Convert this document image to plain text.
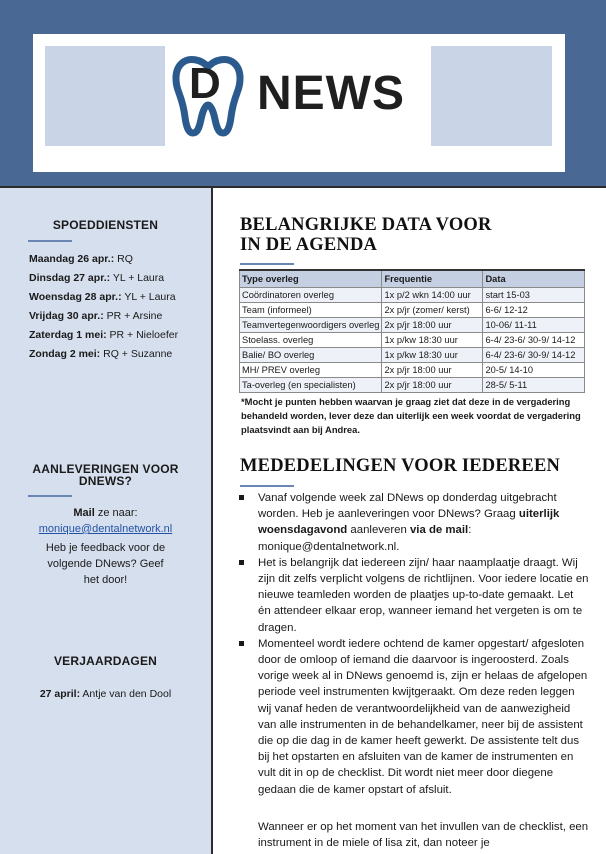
D NEWS
SPOEDDIENSTEN
Maandag 26 apr.: RQ
Dinsdag 27 apr.: YL + Laura
Woensdag 28 apr.: YL + Laura
Vrijdag 30 apr.: PR + Arsine
Zaterdag 1 mei: PR + Nieloefer
Zondag 2 mei: RQ + Suzanne
AANLEVERINGEN VOOR
DNEWS?
Mail ze naar:
monique@dentalnetwork.nl
Heb je feedback voor de volgende DNews? Geef het door!
VERJAARDAGEN
27 april: Antje van den Dool
BELANGRIJKE DATA VOOR
IN DE AGENDA
Type overleg	Frequentie	Data
Coördinatoren overleg	1x p/2 wkn 14:00 uur	start 15-03
Team (informeel)	2x p/jr (zomer/ kerst)	6-6/ 12-12
Teamvertegenwoordigers overleg	2x p/jr 18:00 uur	10-06/ 11-11
Stoelass. overleg	1x p/kw 18:30 uur	6-4/ 23-6/ 30-9/ 14-12
Balie/ BO overleg	1x p/kw 18:30 uur	6-4/ 23-6/ 30-9/ 14-12
MH/ PREV overleg	2x p/jr 18:00 uur	20-5/ 14-10
Ta-overleg (en specialisten)	2x p/jr 18:00 uur	28-5/ 5-11
*Mocht je punten hebben waarvan je graag ziet dat deze in de vergadering behandeld worden, lever deze dan uiterlijk een week voordat de vergadering plaatsvindt aan bij Andrea.
MEDEDELINGEN VOOR IEDEREEN
Vanaf volgende week zal DNews op donderdag uitgebracht worden. Heb je aanleveringen voor DNews? Graag uiterlijk woensdagavond aanleveren via de mail: monique@dentalnetwork.nl.
Het is belangrijk dat iedereen zijn/ haar naamplaatje draagt. Wij zijn dit zelfs verplicht volgens de richtlijnen. Voor iedere locatie en nieuwe teamleden worden de plaatjes up-to-date gemaakt. Let én attendeer elkaar erop, wanneer iemand het vergeten is om te dragen.
Momenteel wordt iedere ochtend de kamer opgestart/ afgesloten door de omloop of iemand die daarvoor is ingeroosterd. Zoals vorige week al in DNews genoemd is, zijn er helaas de afgelopen periode veel instrumenten kwijtgeraakt. Om deze reden leggen wij vanaf heden de verantwoordelijkheid van de aanwezigheid van alle instrumenten in de behandelkamer, neer bij de assistent die op die dag in de kamer heeft gewerkt. De assistente telt dus bij het opstarten en afsluiten van de kamer de instrumenten en vult dit in op de checklist. Dit wordt niet meer door diegene gedaan die de kamer opstart of afsluit.
Wanneer er op het moment van het invullen van de checklist, een instrument in de miele of lisa zit, dan noteer je
